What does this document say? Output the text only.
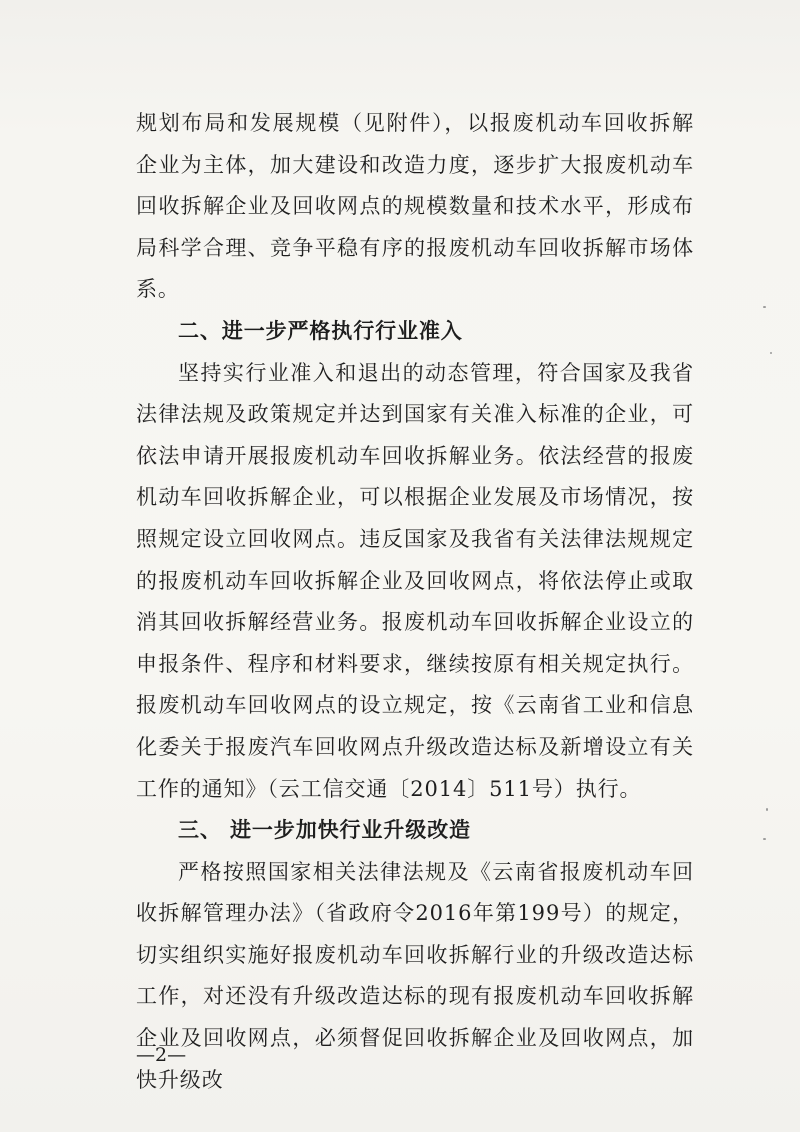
规划布局和发展规模（见附件），以报废机动车回收拆解企业为主体，加大建设和改造力度，逐步扩大报废机动车回收拆解企业及回收网点的规模数量和技术水平，形成布局科学合理、竞争平稳有序的报废机动车回收拆解市场体系。

二、进一步严格执行行业准入

坚持实行业准入和退出的动态管理，符合国家及我省法律法规及政策规定并达到国家有关准入标准的企业，可依法申请开展报废机动车回收拆解业务。依法经营的报废机动车回收拆解企业，可以根据企业发展及市场情况，按照规定设立回收网点。违反国家及我省有关法律法规规定的报废机动车回收拆解企业及回收网点，将依法停止或取消其回收拆解经营业务。报废机动车回收拆解企业设立的申报条件、程序和材料要求，继续按原有相关规定执行。报废机动车回收网点的设立规定，按《云南省工业和信息化委关于报废汽车回收网点升级改造达标及新增设立有关工作的通知》（云工信交通〔2014〕511号）执行。

三、 进一步加快行业升级改造

严格按照国家相关法律法规及《云南省报废机动车回收拆解管理办法》（省政府令2016年第199号）的规定，切实组织实施好报废机动车回收拆解行业的升级改造达标工作，对还没有升级改造达标的现有报废机动车回收拆解企业及回收网点，必须督促回收拆解企业及回收网点，加快升级改

—2—
